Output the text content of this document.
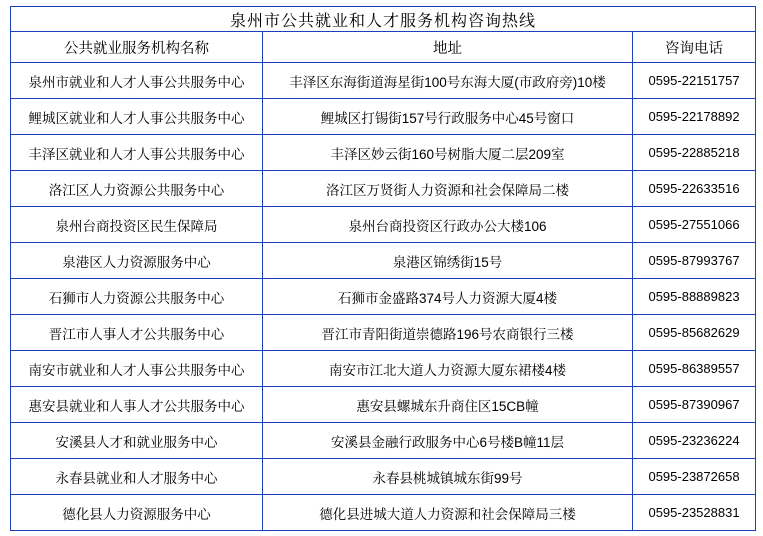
泉州市公共就业和人才服务机构咨询热线		
公共就业服务机构名称	地址	咨询电话
泉州市就业和人才人事公共服务中心	丰泽区东海街道海星街100号东海大厦(市政府旁)10楼	0595-22151757
鲤城区就业和人才人事公共服务中心	鲤城区打锡街157号行政服务中心45号窗口	0595-22178892
丰泽区就业和人才人事公共服务中心	丰泽区妙云街160号树脂大厦二层209室	0595-22885218
洛江区人力资源公共服务中心	洛江区万贤街人力资源和社会保障局二楼	0595-22633516
泉州台商投资区民生保障局	泉州台商投资区行政办公大楼106	0595-27551066
泉港区人力资源服务中心	泉港区锦绣街15号	0595-87993767
石狮市人力资源公共服务中心	石狮市金盛路374号人力资源大厦4楼	0595-88889823
晋江市人事人才公共服务中心	晋江市青阳街道崇德路196号农商银行三楼	0595-85682629
南安市就业和人才人事公共服务中心	南安市江北大道人力资源大厦东裙楼4楼	0595-86389557
惠安县就业和人事人才公共服务中心	惠安县螺城东升商住区15CB幢	0595-87390967
安溪县人才和就业服务中心	安溪县金融行政服务中心6号楼B幢11层	0595-23236224
永春县就业和人才服务中心	永春县桃城镇城东街99号	0595-23872658
德化县人力资源服务中心	德化县进城大道人力资源和社会保障局三楼	0595-23528831
